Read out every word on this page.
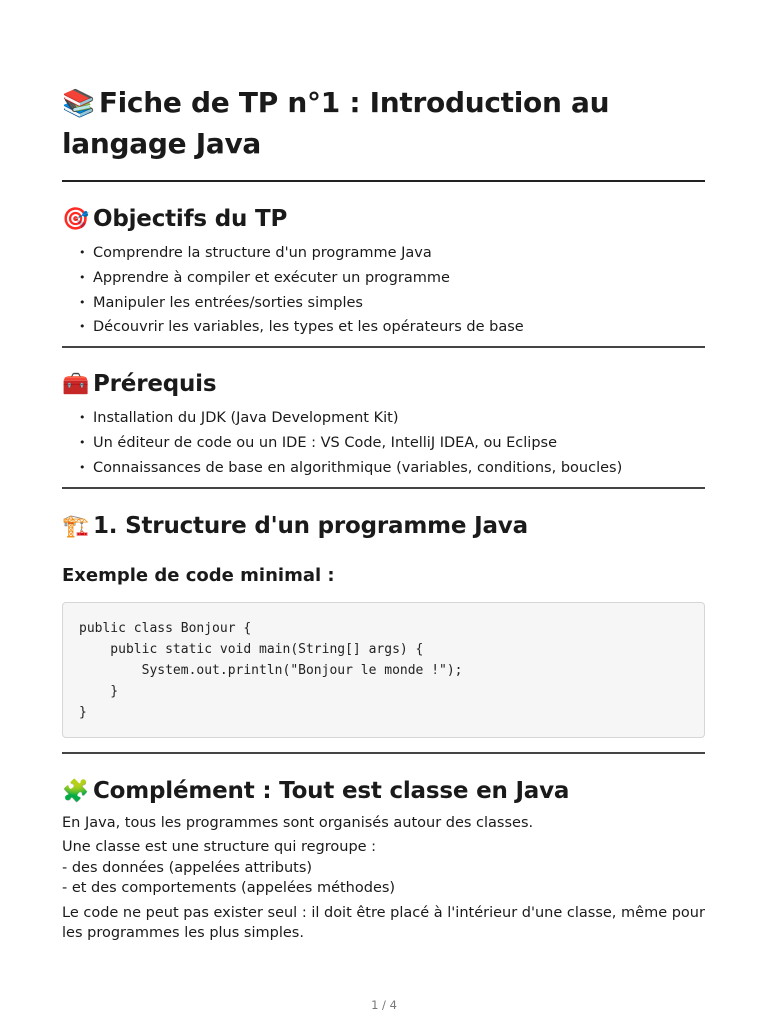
📚 Fiche de TP n°1 : Introduction au langage Java
🎯 Objectifs du TP
• Comprendre la structure d'un programme Java
• Apprendre à compiler et exécuter un programme
• Manipuler les entrées/sorties simples
• Découvrir les variables, les types et les opérateurs de base
🧰 Prérequis
• Installation du JDK (Java Development Kit)
• Un éditeur de code ou un IDE : VS Code, IntelliJ IDEA, ou Eclipse
• Connaissances de base en algorithmique (variables, conditions, boucles)
🏗️ 1. Structure d'un programme Java
Exemple de code minimal :
public class Bonjour {
public static void main(String[] args) {
System.out.println("Bonjour le monde !");
}
}
🧩 Complément : Tout est classe en Java

En Java, tous les programmes sont organisés autour des classes.

Une classe est une structure qui regroupe :

- des données (appelées attributs)

- et des comportements (appelées méthodes)

Le code ne peut pas exister seul : il doit être placé à l'intérieur d'une classe, même pour les programmes les plus simples.

1 / 4
